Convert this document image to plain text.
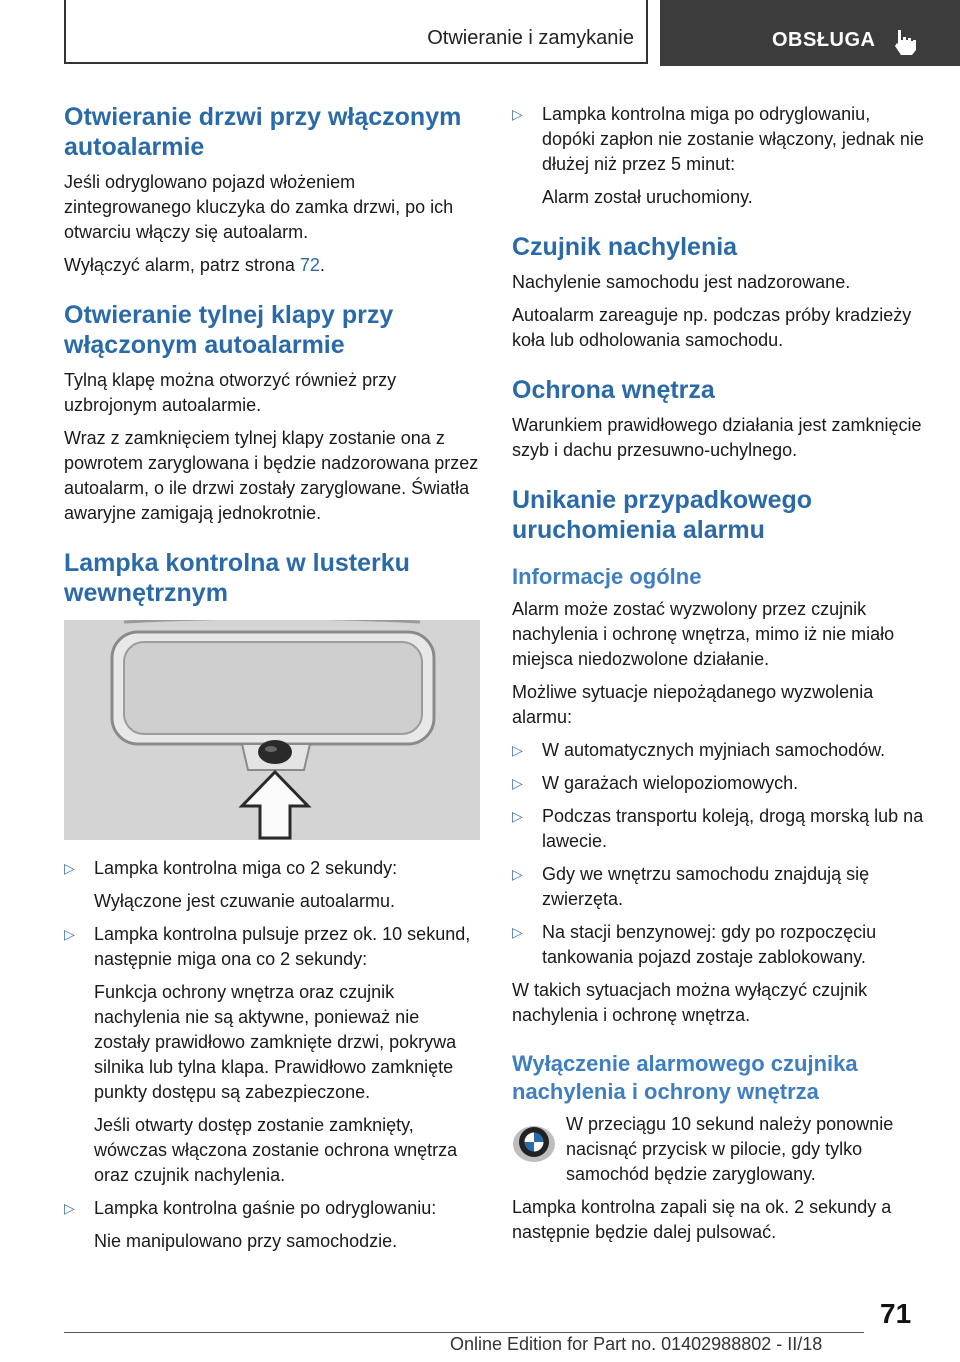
Otwieranie i zamykanie	OBSŁUGA
Otwieranie drzwi przy włączonym autoalarmie

Jeśli odryglowano pojazd włożeniem zintegrowanego kluczyka do zamka drzwi, po ich otwarciu włączy się autoalarm.

Wyłączyć alarm, patrz strona 72.

Otwieranie tylnej klapy przy włączonym autoalarmie

Tylną klapę można otworzyć również przy uzbrojonym autoalarmie.

Wraz z zamknięciem tylnej klapy zostanie ona z powrotem zaryglowana i będzie nadzorowana przez autoalarm, o ile drzwi zostały zaryglowane. Światła awaryjne zamigają jednokrotnie.

Lampka kontrolna w lusterku wewnętrznym

▷ Lampka kontrolna miga co 2 sekundy:

Wyłączone jest czuwanie autoalarmu.

▷ Lampka kontrolna pulsuje przez ok. 10 sekund, następnie miga ona co 2 sekundy:

Funkcja ochrony wnętrza oraz czujnik nachylenia nie są aktywne, ponieważ nie zostały prawidłowo zamknięte drzwi, pokrywa silnika lub tylna klapa. Prawidłowo zamknięte punkty dostępu są zabezpieczone.

Jeśli otwarty dostęp zostanie zamknięty, wówczas włączona zostanie ochrona wnętrza oraz czujnik nachylenia.

▷ Lampka kontrolna gaśnie po odryglowaniu:

Nie manipulowano przy samochodzie.

▷ Lampka kontrolna miga po odryglowaniu, dopóki zapłon nie zostanie włączony, jednak nie dłużej niż przez 5 minut:

Alarm został uruchomiony.

Czujnik nachylenia

Nachylenie samochodu jest nadzorowane.

Autoalarm zareaguje np. podczas próby kradzieży koła lub odholowania samochodu.

Ochrona wnętrza

Warunkiem prawidłowego działania jest zamknięcie szyb i dachu przesuwno-uchylnego.

Unikanie przypadkowego uruchomienia alarmu
Informacje ogólne

Alarm może zostać wyzwolony przez czujnik nachylenia i ochronę wnętrza, mimo iż nie miało miejsca niedozwolone działanie.

Możliwe sytuacje niepożądanego wyzwolenia alarmu:

▷ W automatycznych myjniach samochodów.

▷ W garażach wielopoziomowych.

▷ Podczas transportu koleją, drogą morską lub na lawecie.

▷ Gdy we wnętrzu samochodu znajdują się zwierzęta.

▷ Na stacji benzynowej: gdy po rozpoczęciu tankowania pojazd zostaje zablokowany.

W takich sytuacjach można wyłączyć czujnik nachylenia i ochronę wnętrza.

Wyłączenie alarmowego czujnika nachylenia i ochrony wnętrza

W przeciągu 10 sekund należy ponownie nacisnąć przycisk w pilocie, gdy tylko samochód będzie zaryglowany.

Lampka kontrolna zapali się na ok. 2 sekundy a następnie będzie dalej pulsować.

71
Online Edition for Part no. 01402988802 - II/18
